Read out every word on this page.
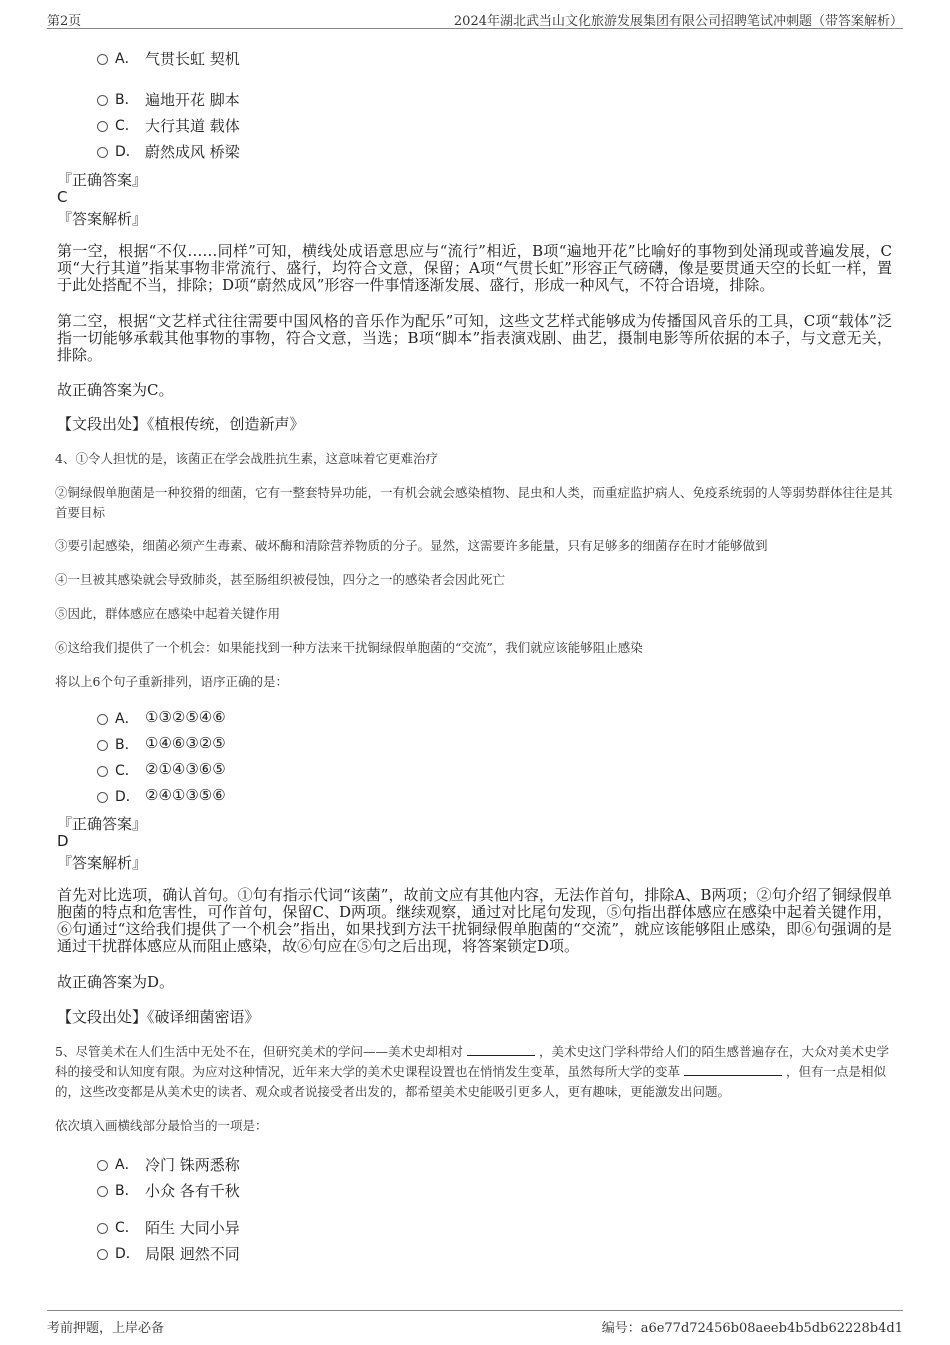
第2页	2024年湖北武当山文化旅游发展集团有限公司招聘笔试冲刺题（带答案解析）
A． 气贯长虹 契机
B． 遍地开花 脚本
C． 大行其道 载体
D． 蔚然成风 桥梁
『正确答案』
C
『答案解析』
第一空，根据“不仅……同样”可知，横线处成语意思应与“流行”相近，B项“遍地开花”比喻好的事物到处涌现或普遍发展，C项“大行其道”指某事物非常流行、盛行，均符合文意，保留；A项“气贯长虹”形容正气磅礴，像是要贯通天空的长虹一样，置于此处搭配不当，排除；D项“蔚然成风”形容一件事情逐渐发展、盛行，形成一种风气，不符合语境，排除。
第二空，根据“文艺样式往往需要中国风格的音乐作为配乐”可知，这些文艺样式能够成为传播国风音乐的工具，C项“载体”泛指一切能够承载其他事物的事物，符合文意，当选；B项“脚本”指表演戏剧、曲艺，摄制电影等所依据的本子，与文意无关，排除。
故正确答案为C。
【文段出处】《植根传统，创造新声》
4、①令人担忧的是，该菌正在学会战胜抗生素，这意味着它更难治疗
②铜绿假单胞菌是一种狡猾的细菌，它有一整套特异功能，一有机会就会感染植物、昆虫和人类，而重症监护病人、免疫系统弱的人等弱势群体往往是其首要目标
③要引起感染，细菌必须产生毒素、破坏酶和清除营养物质的分子。显然，这需要许多能量，只有足够多的细菌存在时才能够做到
④一旦被其感染就会导致肺炎，甚至肠组织被侵蚀，四分之一的感染者会因此死亡
⑤因此，群体感应在感染中起着关键作用
⑥这给我们提供了一个机会：如果能找到一种方法来干扰铜绿假单胞菌的“交流”，我们就应该能够阻止感染
将以上6个句子重新排列，语序正确的是：
A． ①③②⑤④⑥
B． ①④⑥③②⑤
C． ②①④③⑥⑤
D． ②④①③⑤⑥
『正确答案』
D
『答案解析』
首先对比选项，确认首句。①句有指示代词“该菌”，故前文应有其他内容，无法作首句，排除A、B两项；②句介绍了铜绿假单胞菌的特点和危害性，可作首句，保留C、D两项。继续观察，通过对比尾句发现，⑤句指出群体感应在感染中起着关键作用，⑥句通过“这给我们提供了一个机会”指出，如果找到方法干扰铜绿假单胞菌的“交流”，就应该能够阻止感染，即⑥句强调的是通过干扰群体感应从而阻止感染，故⑥句应在⑤句之后出现，将答案锁定D项。
故正确答案为D。
【文段出处】《破译细菌密语》
5、尽管美术在人们生活中无处不在，但研究美术的学问——美术史却相对	，美术史这门学科带给人们的陌生感普遍存在，大众对美术史学科的接受和认知度有限。为应对这种情况，近年来大学的美术史课程设置也在悄悄发生变革，虽然每所大学的变革	，但有一点是相似的，这些改变都是从美术史的读者、观众或者说接受者出发的，都希望美术史能吸引更多人，更有趣味，更能激发出问题。
依次填入画横线部分最恰当的一项是：
A． 冷门 铢两悉称
B． 小众 各有千秋
C． 陌生 大同小异
D． 局限 迥然不同
考前押题，上岸必备	编号：a6e77d72456b08aeeb4b5db62228b4d1
